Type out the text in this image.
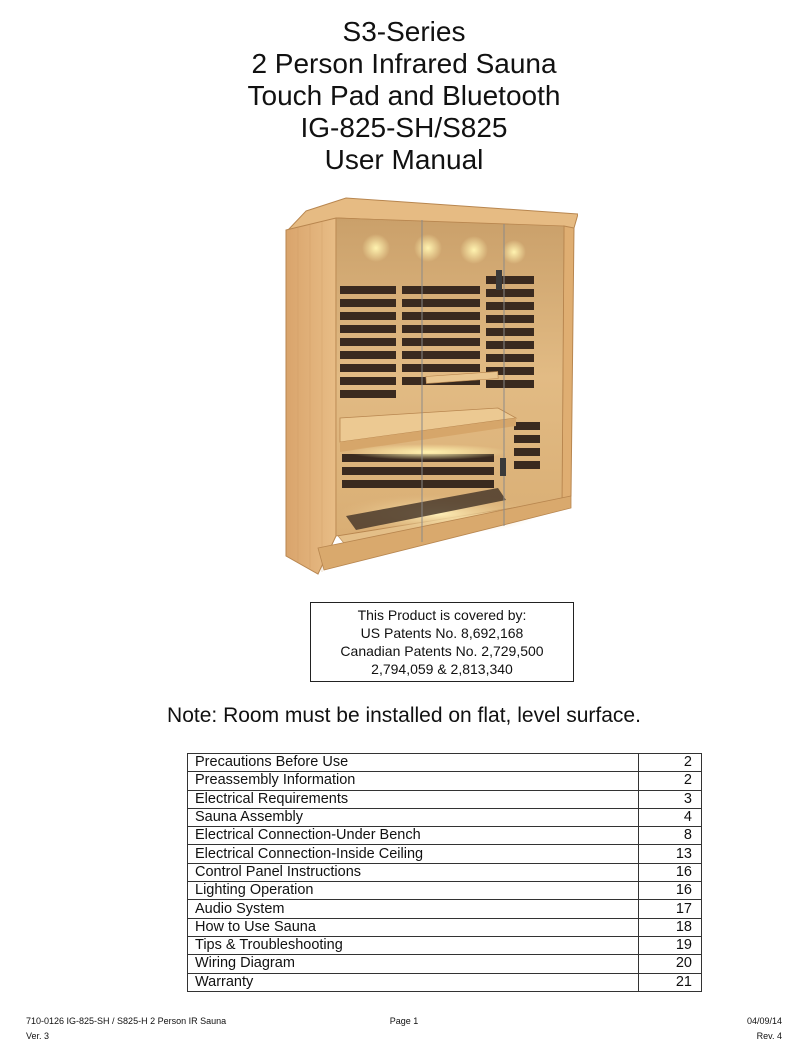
S3-Series
2 Person Infrared Sauna
Touch Pad and Bluetooth
IG-825-SH/S825
User Manual
This Product is covered by:
US Patents No. 8,692,168
Canadian Patents No. 2,729,500
2,794,059 & 2,813,340
Note: Room must be installed on flat, level surface.
Precautions Before Use	2
Preassembly Information	2
Electrical Requirements	3
Sauna Assembly	4
Electrical Connection-Under Bench	8
Electrical Connection-Inside Ceiling	13
Control Panel Instructions	16
Lighting Operation	16
Audio System	17
How to Use Sauna	18
Tips & Troubleshooting	19
Wiring Diagram	20
Warranty	21
710-0126 IG-825-SH / S825-H 2 Person IR Sauna	Page 1	04/09/14
Ver. 3	Rev. 4
